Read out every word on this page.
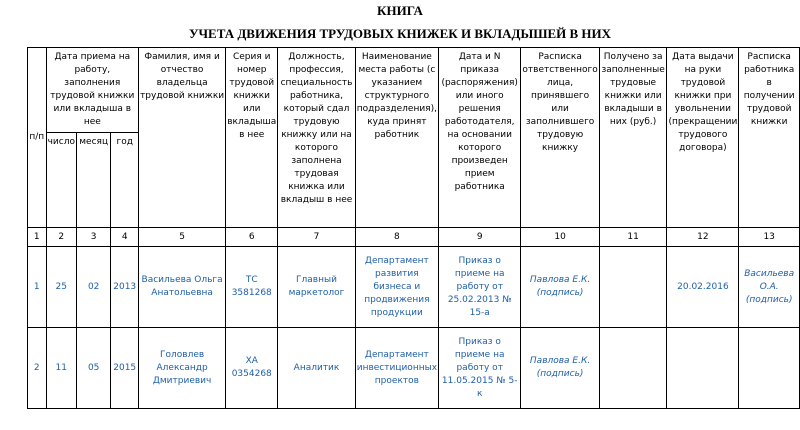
КНИГА
УЧЕТА ДВИЖЕНИЯ ТРУДОВЫХ КНИЖЕК И ВКЛАДЫШЕЙ В НИХ
п/п	Дата приема на работу, заполнения трудовой книжки или вкладыша в нее			Фамилия, имя и отчество владельца трудовой книжки	Серия и номер трудовой книжки или вкладыша в нее	Должность, профессия, специальность работника, который сдал трудовую книжку или на которого заполнена трудовая книжка или вкладыш в нее	Наименование места работы (с указанием структурного подразделения), куда принят работник	Дата и N приказа (распоряжения) или иного решения работодателя, на основании которого произведен прием работника	Расписка ответственного лица, принявшего или заполнившего трудовую книжку	Получено за заполненные трудовые книжки или вкладыши в них (руб.)	Дата выдачи на руки трудовой книжки при увольнении (прекращении трудового договора)	Расписка работника в получении трудовой книжки
	число	месяц	год									
1	2	3	4	5	6	7	8	9	10	11	12	13
1	25	02	2013	Васильева Ольга Анатольевна	ТС 3581268	Главный маркетолог	Департамент развития бизнеса и продвижения продукции	Приказ о приеме на работу от 25.02.2013 № 15-а	Павлова Е.К. (подпись)		20.02.2016	Васильева О.А. (подпись)
2	11	05	2015	Головлев Александр Дмитриевич	ХА 0354268	Аналитик	Департамент инвестиционных проектов	Приказ о приеме на работу от 11.05.2015 № 5-к	Павлова Е.К. (подпись)			
